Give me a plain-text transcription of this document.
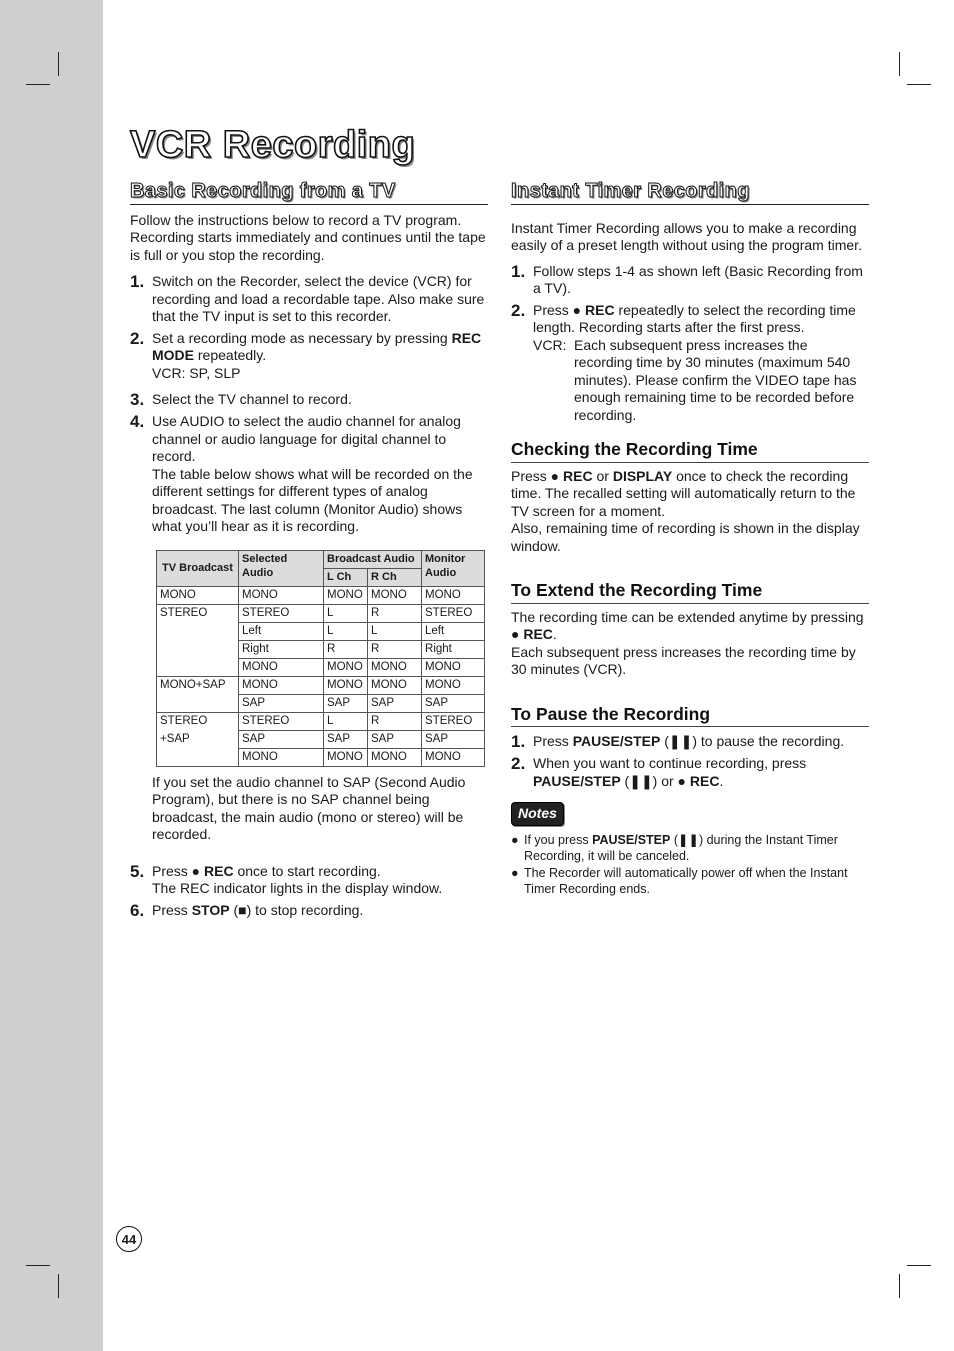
VCR Recording
Basic Recording from a TV

Follow the instructions below to record a TV program. Recording starts immediately and continues until the tape is full or you stop the recording.

1. Switch on the Recorder, select the device (VCR) for recording and load a recordable tape. Also make sure that the TV input is set to this recorder.
2. Set a recording mode as necessary by pressing REC MODE repeatedly.
VCR: SP, SLP
3. Select the TV channel to record.
4. Use AUDIO to select the audio channel for analog channel or audio language for digital channel to record.
The table below shows what will be recorded on the different settings for different types of analog broadcast. The last column (Monitor Audio) shows what you’ll hear as it is recording.
TV Broadcast	Selected Audio	Broadcast Audio		Monitor Audio
		L Ch	R Ch	
MONO	MONO	MONO	MONO	MONO
STEREO	STEREO	L	R	STEREO
	Left	L	L	Left
	Right	R	R	Right
	MONO	MONO	MONO	MONO
MONO+SAP	MONO	MONO	MONO	MONO
	SAP	SAP	SAP	SAP
STEREO	STEREO	L	R	STEREO
+SAP	SAP	SAP	SAP	SAP
	MONO	MONO	MONO	MONO

If you set the audio channel to SAP (Second Audio Program), but there is no SAP channel being broadcast, the main audio (mono or stereo) will be recorded.

5. Press ● REC once to start recording.
The REC indicator lights in the display window.
6. Press STOP (■) to stop recording.
Instant Timer Recording

Instant Timer Recording allows you to make a recording easily of a preset length without using the program timer.

1. Follow steps 1-4 as shown left (Basic Recording from a TV).
2. Press ● REC repeatedly to select the recording time length. Recording starts after the first press.
VCR: Each subsequent press increases the recording time by 30 minutes (maximum 540 minutes). Please confirm the VIDEO tape has enough remaining time to be recorded before recording.
Checking the Recording Time

Press ● REC or DISPLAY once to check the recording time. The recalled setting will automatically return to the TV screen for a moment.
Also, remaining time of recording is shown in the display window.

To Extend the Recording Time

The recording time can be extended anytime by pressing ● REC.
Each subsequent press increases the recording time by 30 minutes (VCR).

To Pause the Recording
1. Press PAUSE/STEP (❚❚) to pause the recording.
2. When you want to continue recording, press
PAUSE/STEP (❚❚) or ● REC.
Notes
● If you press PAUSE/STEP (❚❚) during the Instant Timer Recording, it will be canceled.
● The Recorder will automatically power off when the Instant Timer Recording ends.
44
